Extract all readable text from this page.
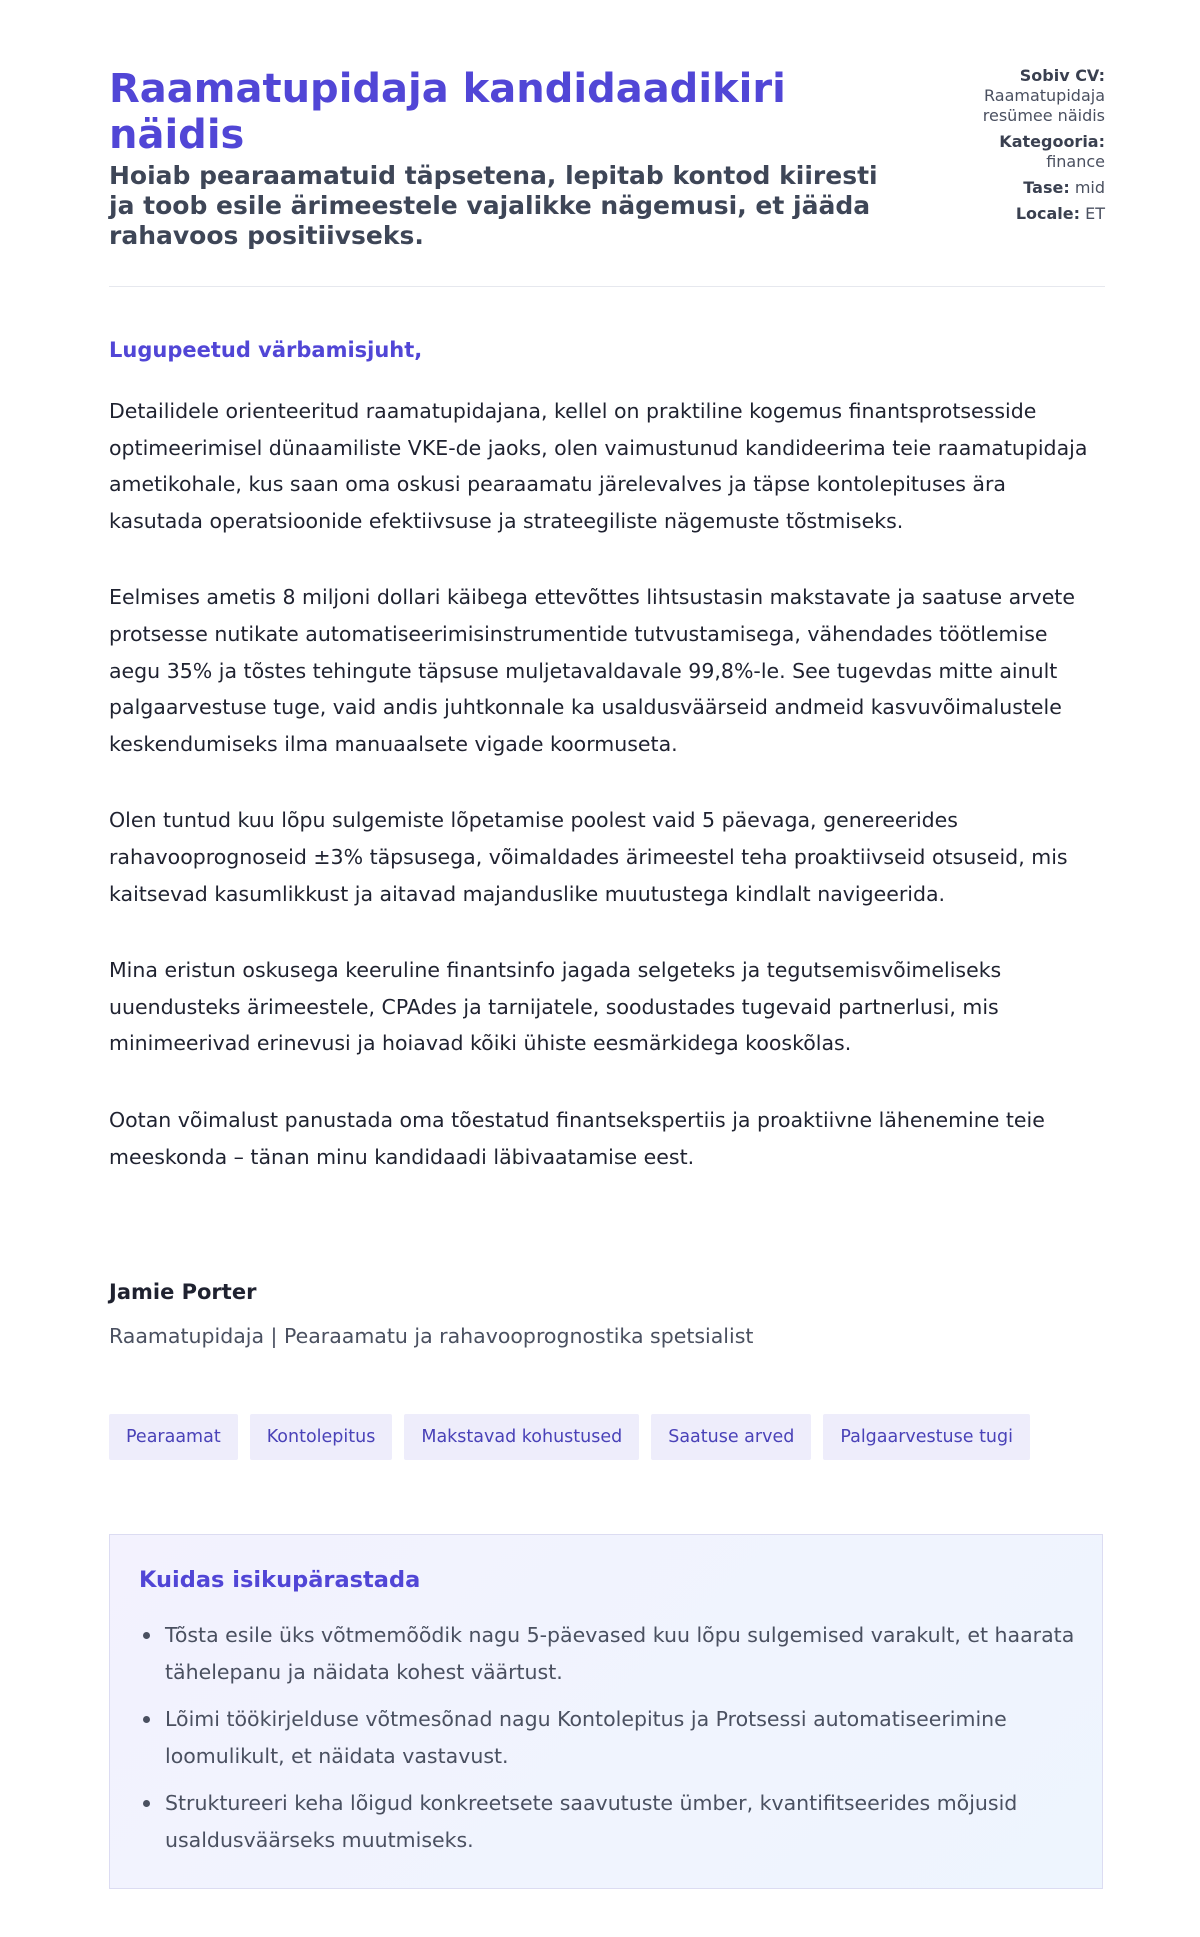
Raamatupidaja kandidaadikiri näidis
Hoiab pearaamatuid täpsetena, lepitab kontod kiiresti ja toob esile ärimeestele vajalikke nägemusi, et jääda rahavoos positiivseks.

Sobiv CV:

Raamatupidaja

resümee näidis

Kategooria:

finance

Tase: mid

Locale: ET

Lugupeetud värbamisjuht,

Detailidele orienteeritud raamatupidajana, kellel on praktiline kogemus finantsprotsesside optimeerimisel dünaamiliste VKE-de jaoks, olen vaimustunud kandideerima teie raamatupidaja ametikohale, kus saan oma oskusi pearaamatu järelevalves ja täpse kontolepituses ära kasutada operatsioonide efektiivsuse ja strateegiliste nägemuste tõstmiseks.

Eelmises ametis 8 miljoni dollari käibega ettevõttes lihtsustasin makstavate ja saatuse arvete protsesse nutikate automatiseerimisinstrumentide tutvustamisega, vähendades töötlemise aegu 35% ja tõstes tehingute täpsuse muljetavaldavale 99,8%-le. See tugevdas mitte ainult palgaarvestuse tuge, vaid andis juhtkonnale ka usaldusväärseid andmeid kasvuvõimalustele keskendumiseks ilma manuaalsete vigade koormuseta.

Olen tuntud kuu lõpu sulgemiste lõpetamise poolest vaid 5 päevaga, genereerides rahavooprognoseid ±3% täpsusega, võimaldades ärimeestel teha proaktiivseid otsuseid, mis kaitsevad kasumlikkust ja aitavad majanduslike muutustega kindlalt navigeerida.

Mina eristun oskusega keeruline finantsinfo jagada selgeteks ja tegutsemisvõimeliseks uuendusteks ärimeestele, CPAdes ja tarnijatele, soodustades tugevaid partnerlusi, mis minimeerivad erinevusi ja hoiavad kõiki ühiste eesmärkidega kooskõlas.

Ootan võimalust panustada oma tõestatud finantsekspertiis ja proaktiivne lähenemine teie meeskonda – tänan minu kandidaadi läbivaatamise eest.

Jamie Porter

Raamatupidaja | Pearaamatu ja rahavooprognostika spetsialist

Pearaamat	Kontolepitus	Makstavad kohustused	Saatuse arved	Palgaarvestuse tugi
Kuidas isikupärastada
Tõsta esile üks võtmemõõdik nagu 5-päevased kuu lõpu sulgemised varakult, et haarata tähelepanu ja näidata kohest väärtust.
Lõimi töökirjelduse võtmesõnad nagu Kontolepitus ja Protsessi automatiseerimine loomulikult, et näidata vastavust.
Struktureeri keha lõigud konkreetsete saavutuste ümber, kvantifitseerides mõjusid usaldusväärseks muutmiseks.
